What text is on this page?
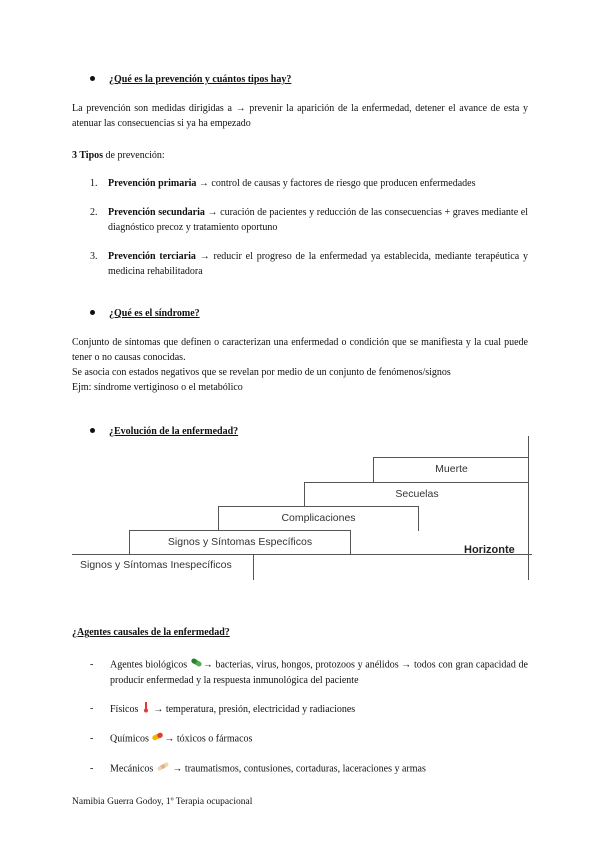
¿Qué es la prevención y cuántos tipos hay?
La prevención son medidas dirigidas a → prevenir la aparición de la enfermedad, detener el avance de esta y atenuar las consecuencias si ya ha empezado
3 Tipos de prevención:
1.	Prevención primaria → control de causas y factores de riesgo que producen enfermedades
2.	Prevención secundaria → curación de pacientes y reducción de las consecuencias + graves mediante el diagnóstico precoz y tratamiento oportuno
3.	Prevención terciaria → reducir el progreso de la enfermedad ya establecida, mediante terapéutica y medicina rehabilitadora
¿Qué es el síndrome?
Conjunto de síntomas que definen o caracterizan una enfermedad o condición que se manifiesta y la cual puede tener o no causas conocidas.
Se asocia con estados negativos que se revelan por medio de un conjunto de fenómenos/signos
Ejm: síndrome vertiginoso o el metabólico
¿Evolución de la enfermedad?
Signos y Síntomas Inespecíficos
Signos y Síntomas Específicos
Complicaciones
Secuelas
Muerte
Horizonte
¿Agentes causales de la enfermedad?
- Agentes biológicos → bacterias, virus, hongos, protozoos y anélidos → todos con gran capacidad de producir enfermedad y la respuesta inmunológica del paciente
- Físicos  → temperatura, presión, electricidad y radiaciones
- Químicos → tóxicos o fármacos
- Mecánicos  → traumatismos, contusiones, cortaduras, laceraciones y armas
Namibia Guerra Godoy, 1º Terapia ocupacional
